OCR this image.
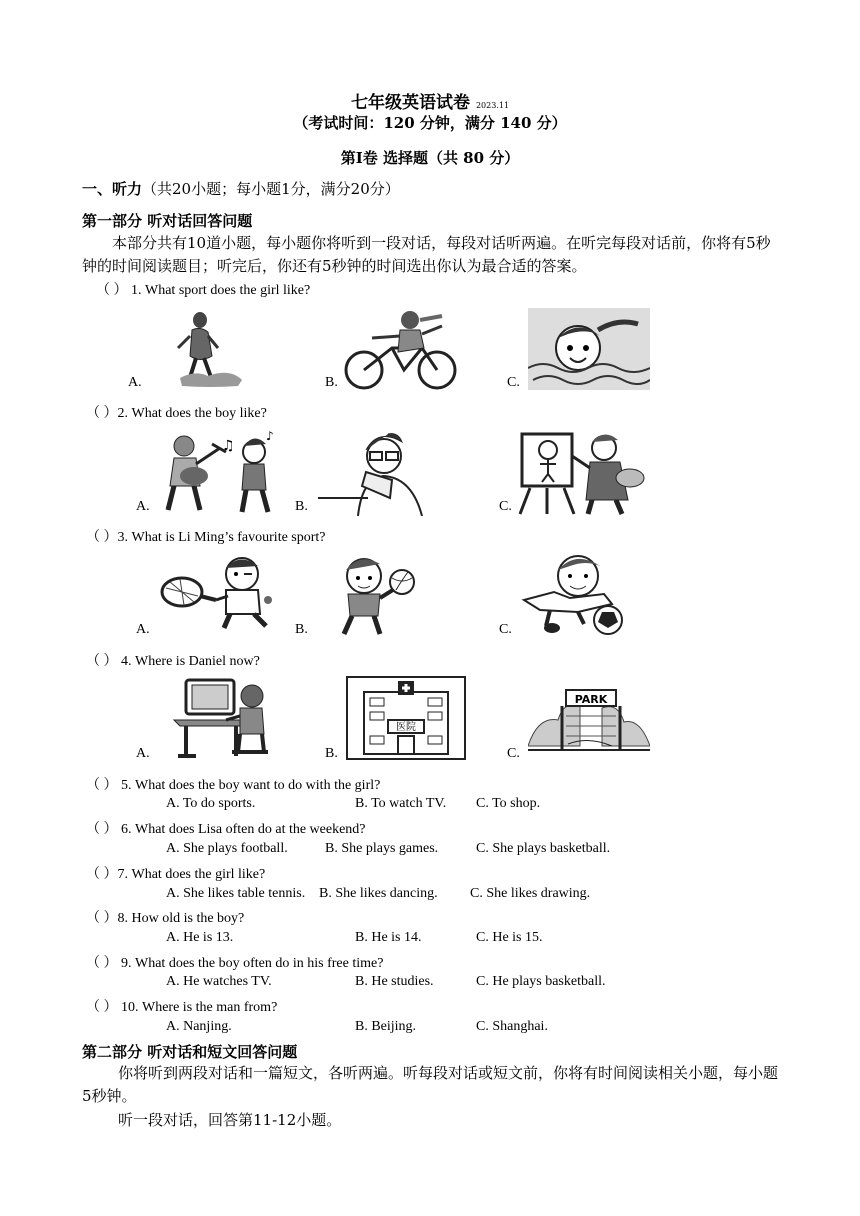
七年级英语试卷 2023.11
（考试时间：120 分钟，满分 140 分）
第Ⅰ卷 选择题（共 80 分）
一、听力（共20小题；每小题1分，满分20分）
第一部分 听对话回答问题
本部分共有10道小题，每小题你将听到一段对话，每段对话听两遍。在听完每段对话前，你将有5秒钟的时间阅读题目；听完后，你还有5秒钟的时间选出你认为最合适的答案。
（ ） 1. What sport does the girl like?
A.	B.	C.
（ ）2. What does the boy like?
A.	B.	C.
♫
♪
（ ）3. What is Li Ming’s favourite sport?
A.	B.	C.
（ ） 4. Where is Daniel now?
A.	B.	C.
医院
PARK
（ ） 5. What does the boy want to do with the girl?
A. To do sports.	B. To watch TV. C. To shop.
（ ） 6. What does Lisa often do at the weekend?
A. She plays football.	B. She plays games.	C. She plays basketball.
（ ）7. What does the girl like?
A. She likes table tennis. B. She likes dancing. C. She likes drawing.
（ ）8. How old is the boy?
A. He is 13.	B. He is 14.	C. He is 15.
（ ） 9. What does the boy often do in his free time?
A. He watches TV.	B. He studies.	C. He plays basketball.
（ ） 10. Where is the man from?
A. Nanjing.	B. Beijing.	C. Shanghai.
第二部分 听对话和短文回答问题
你将听到两段对话和一篇短文，各听两遍。听每段对话或短文前，你将有时间阅读相关小题，每小题5秒钟。
听一段对话，回答第11-12小题。
